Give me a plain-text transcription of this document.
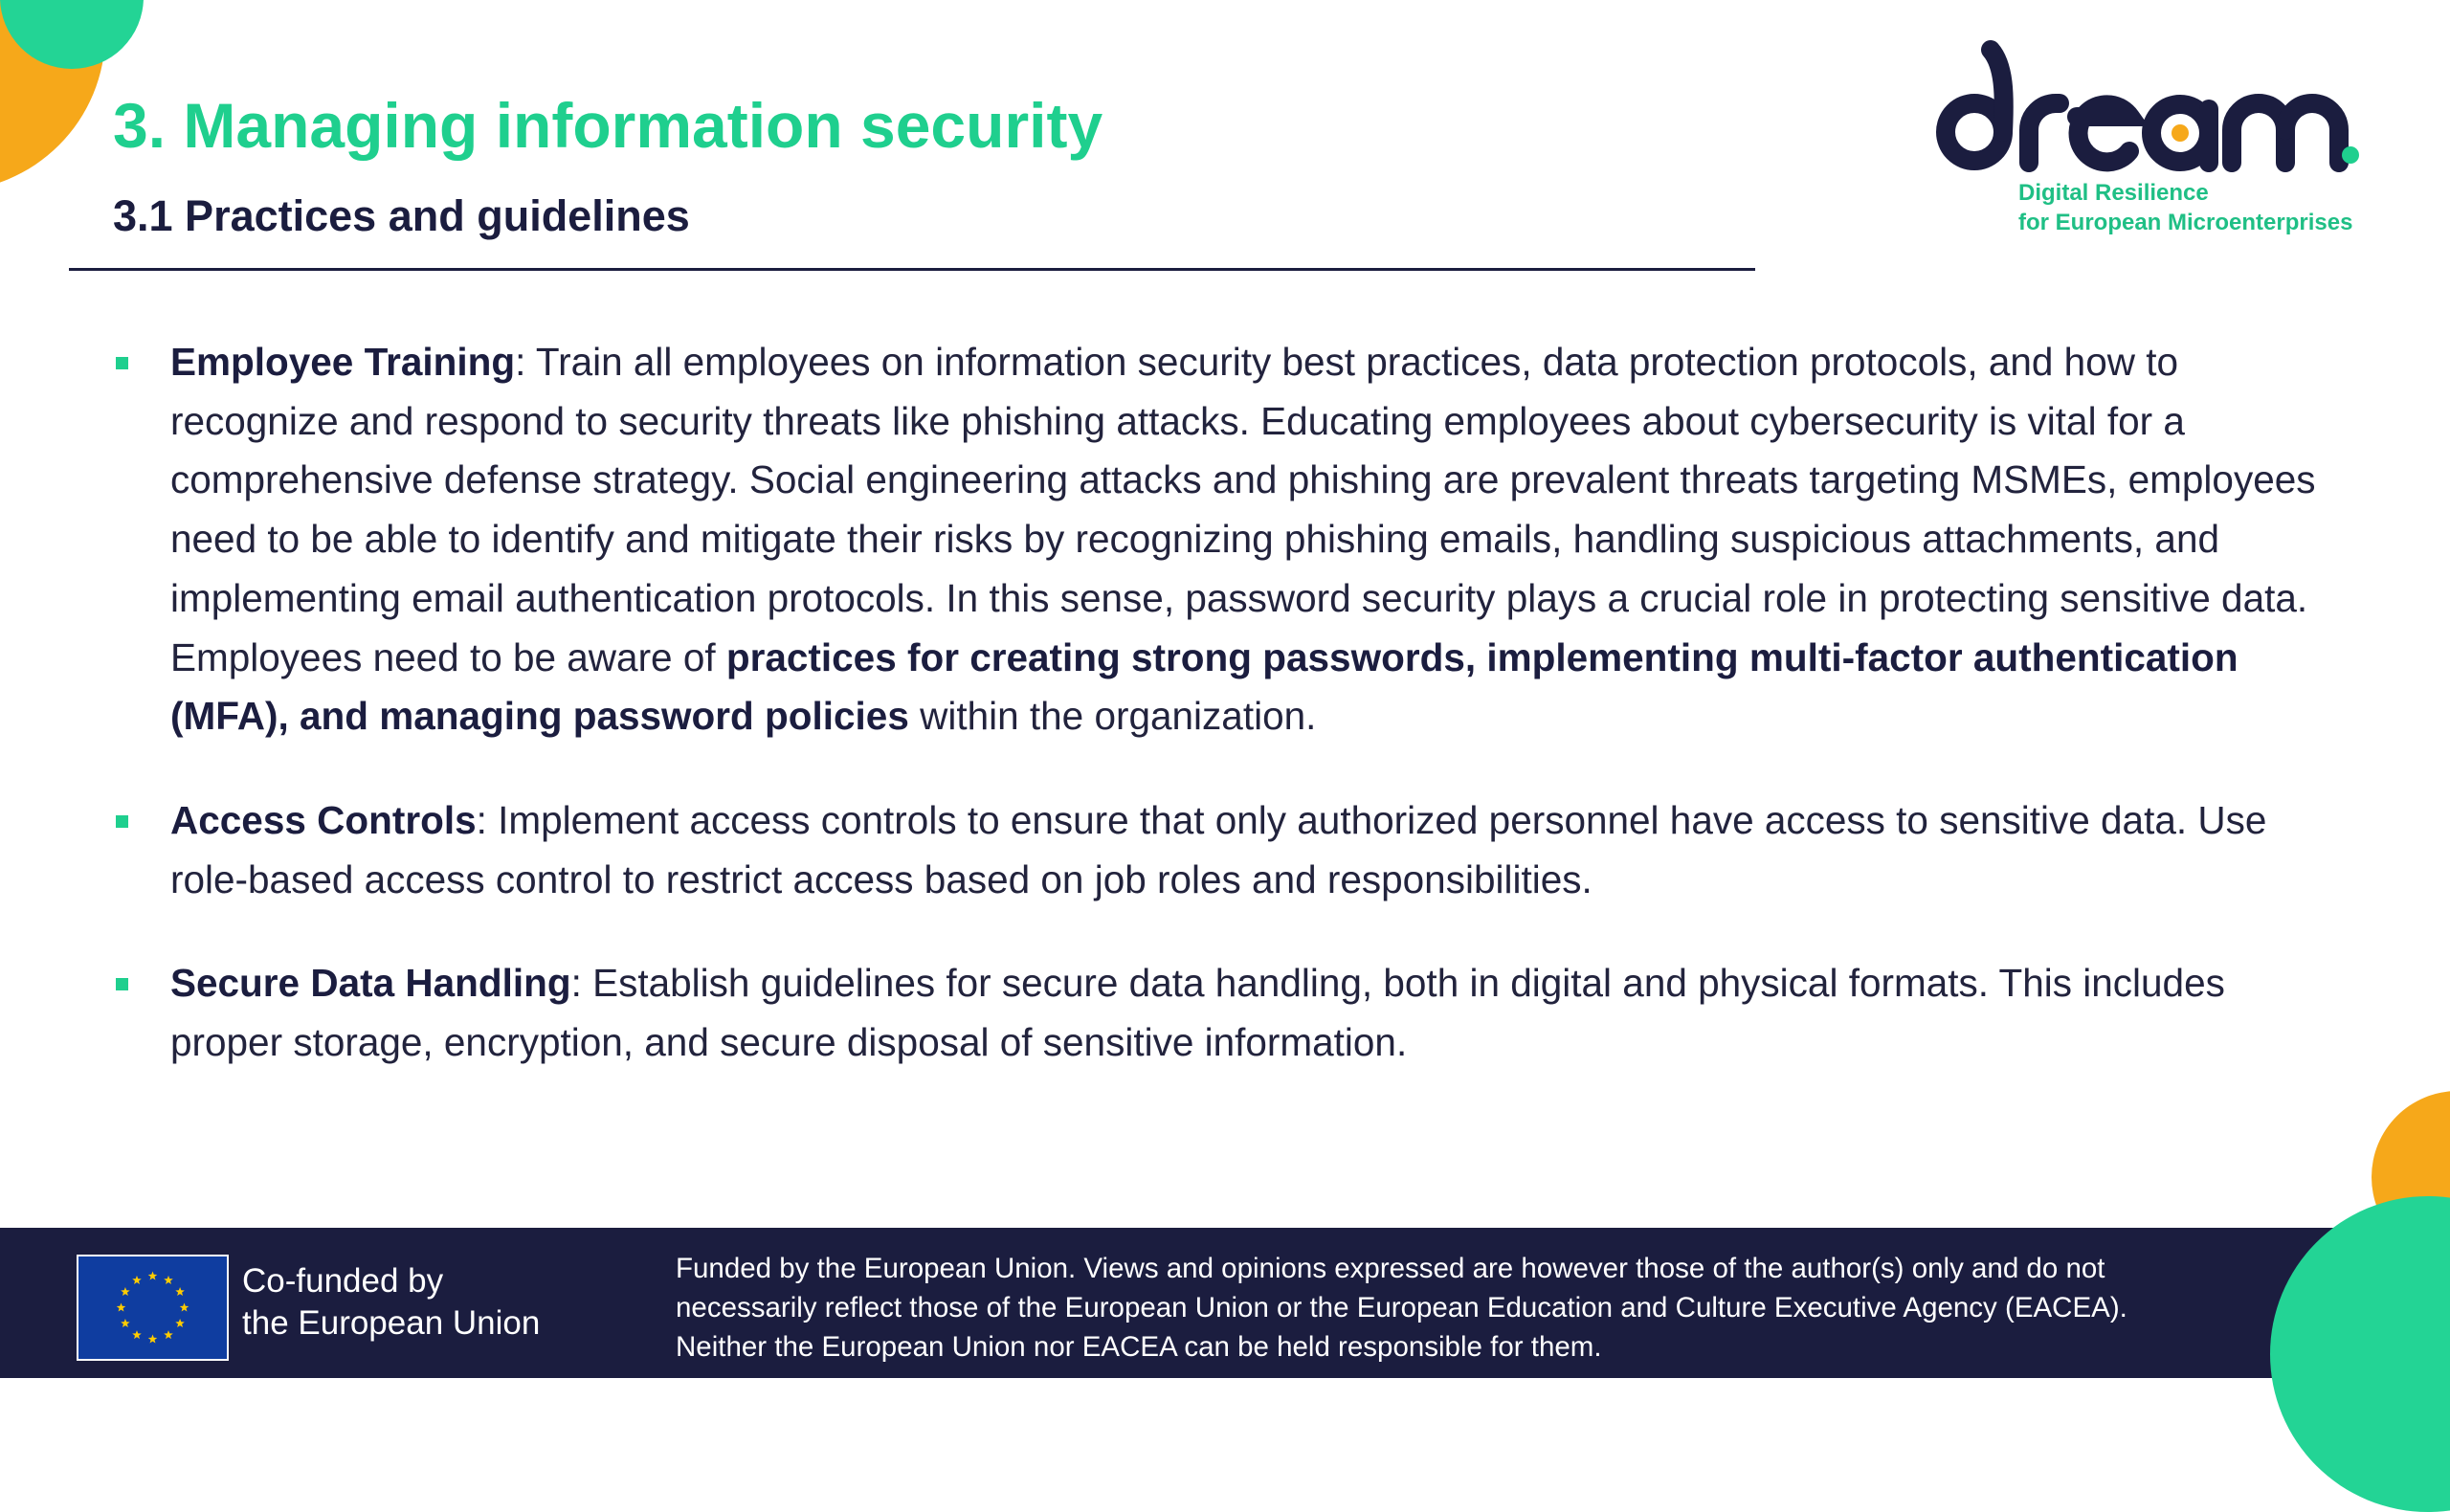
3. Managing information security
3.1 Practices and guidelines	Digital Resilience
for European Microenterprises
Employee Training: Train all employees on information security best practices, data protection protocols, and how to recognize and respond to security threats like phishing attacks. Educating employees about cybersecurity is vital for a comprehensive defense strategy. Social engineering attacks and phishing are prevalent threats targeting MSMEs, employees need to be able to identify and mitigate their risks by recognizing phishing emails, handling suspicious attachments, and implementing email authentication protocols. In this sense, password security plays a crucial role in protecting sensitive data. Employees need to be aware of practices for creating strong passwords, implementing multi-factor authentication (MFA), and managing password policies within the organization.
Access Controls: Implement access controls to ensure that only authorized personnel have access to sensitive data. Use role-based access control to restrict access based on job roles and responsibilities.
Secure Data Handling: Establish guidelines for secure data handling, both in digital and physical formats. This includes proper storage, encryption, and secure disposal of sensitive information.
Co-funded by
the European Union
Funded by the European Union. Views and opinions expressed are however those of the author(s) only and do not
necessarily reflect those of the European Union or the European Education and Culture Executive Agency (EACEA).
Neither the European Union nor EACEA can be held responsible for them.
